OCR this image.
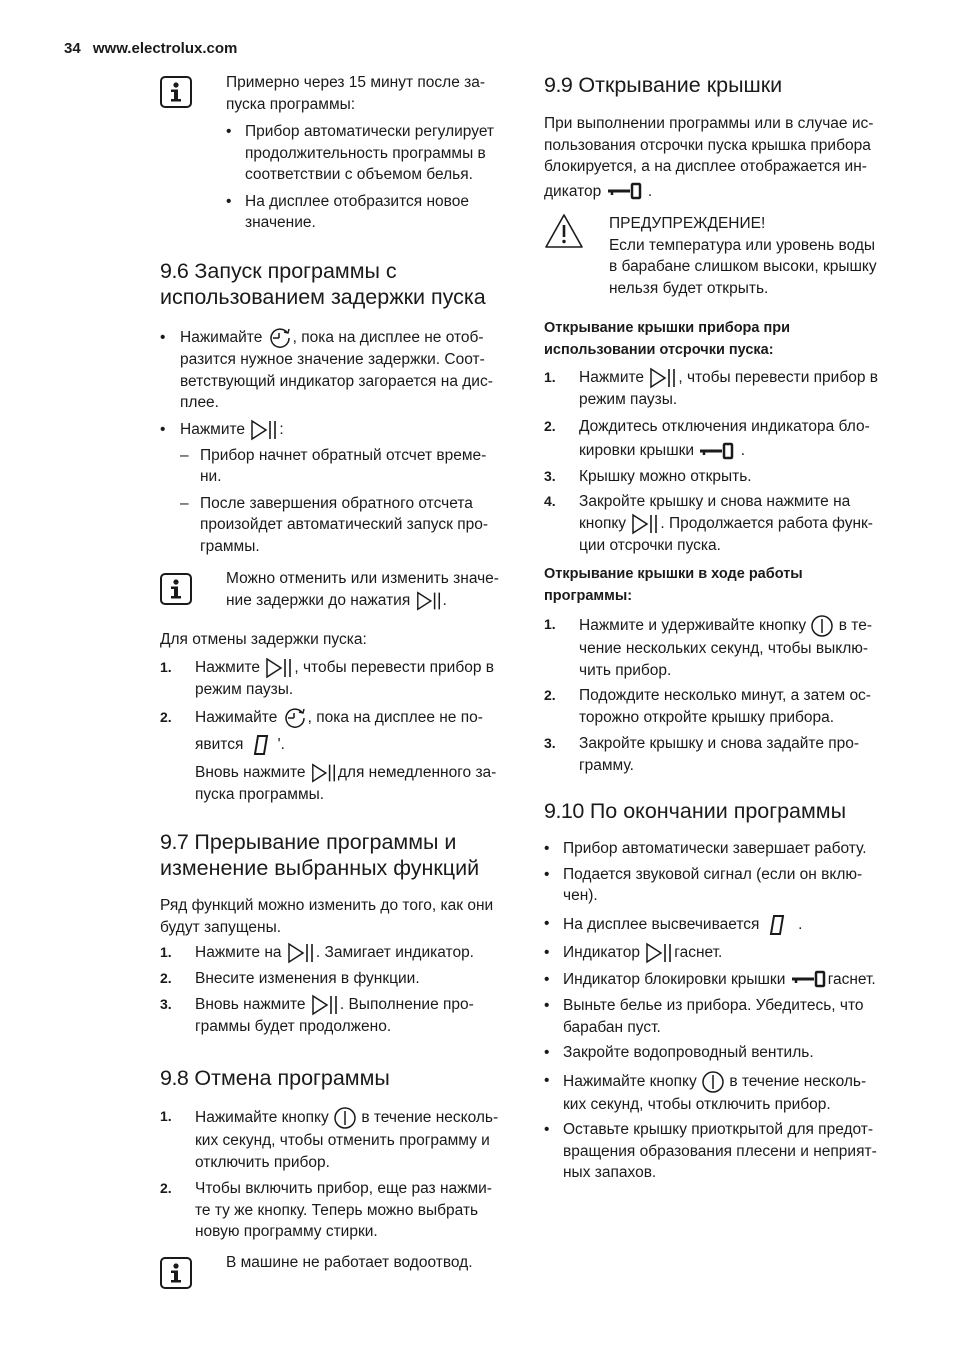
34 www.electrolux.com

Примерно через 15 минут после за-

пуска программы:

• Прибор автоматически регулирует

продолжительность программы в

соответствии с объемом белья.

• На дисплее отобразится новое

значение.

9.6 Запуск программы с

использованием задержки пуска

• Нажимайте , пока на дисплее не отоб-

разится нужное значение задержки. Соот-

ветствующий индикатор загорается на дис-

плее.

• Нажмите :

– Прибор начнет обратный отсчет време-

ни.

– После завершения обратного отсчета

произойдет автоматический запуск про-

граммы.

Можно отменить или изменить значе-

ние задержки до нажатия .

Для отмены задержки пуска:

1. Нажмите , чтобы перевести прибор в

режим паузы.

2. Нажимайте , пока на дисплее не по-

явится '.

Вновь нажмите для немедленного за-

пуска программы.

9.7 Прерывание программы и

изменение выбранных функций

Ряд функций можно изменить до того, как они

будут запущены.

1. Нажмите на . Замигает индикатор.

2. Внесите изменения в функции.

3. Вновь нажмите . Выполнение про-

граммы будет продолжено.

9.8 Отмена программы

1. Нажимайте кнопку в течение несколь-

ких секунд, чтобы отменить программу и

отключить прибор.

2. Чтобы включить прибор, еще раз нажми-

те ту же кнопку. Теперь можно выбрать

новую программу стирки.

В машине не работает водоотвод.

9.9 Открывание крышки

При выполнении программы или в случае ис-

пользования отсрочки пуска крышка прибора

блокируется, а на дисплее отображается ин-

дикатор	.

ПРЕДУПРЕЖДЕНИЕ!

Если температура или уровень воды

в барабане слишком высоки, крышку

нельзя будет открыть.

Открывание крышки прибора при

использовании отсрочки пуска:

1. Нажмите , чтобы перевести прибор в

режим паузы.

2. Дождитесь отключения индикатора бло-

кировки крышки	.

3. Крышку можно открыть.

4. Закройте крышку и снова нажмите на

кнопку . Продолжается работа функ-

ции отсрочки пуска.

Открывание крышки в ходе работы

программы:

1. Нажмите и удерживайте кнопку в те-

чение нескольких секунд, чтобы выклю-

чить прибор.

2. Подождите несколько минут, а затем ос-

торожно откройте крышку прибора.

3. Закройте крышку и снова задайте про-

грамму.

9.10 По окончании программы

• Прибор автоматически завершает работу.

• Подается звуковой сигнал (если он вклю-

чен).

• На дисплее высвечивается .

• Индикатор гаснет.

• Индикатор блокировки крышки	гаснет.

• Выньте белье из прибора. Убедитесь, что

барабан пуст.

• Закройте водопроводный вентиль.

• Нажимайте кнопку в течение несколь-

ких секунд, чтобы отключить прибор.

• Оставьте крышку приоткрытой для предот-

вращения образования плесени и неприят-

ных запахов.
